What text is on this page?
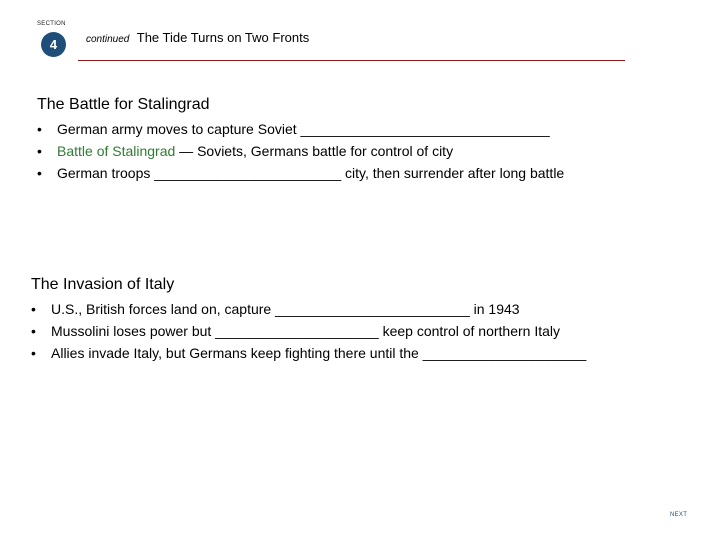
SECTION
4	continued The Tide Turns on Two Fronts
The Battle for Stalingrad
• German army moves to capture Soviet ________________________________
• Battle of Stalingrad — Soviets, Germans battle for control of city
• German troops ________________________ city, then surrender after long battle
The Invasion of Italy
• U.S., British forces land on, capture _________________________ in 1943
• Mussolini loses power but _____________________ keep control of northern Italy
• Allies invade Italy, but Germans keep fighting there until the _____________________
NEXT
